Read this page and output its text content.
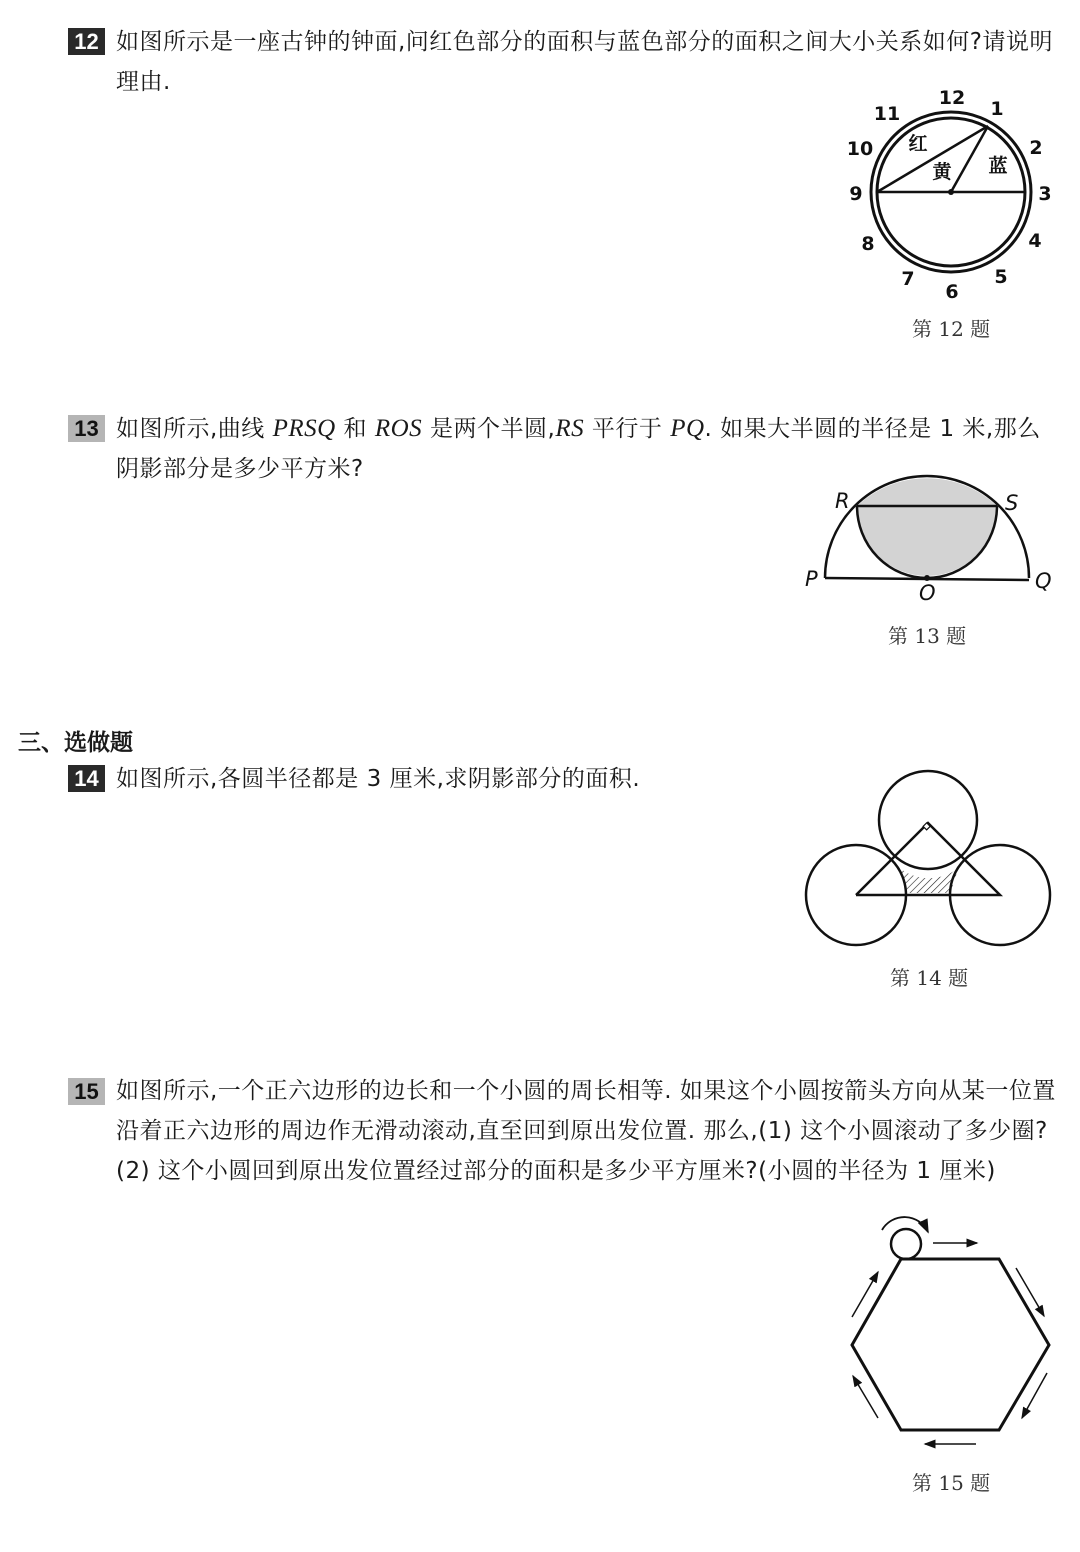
12 如图所示是一座古钟的钟面,问红色部分的面积与蓝色部分的面积之间大小关系如何?请说明理由.
12 1
2
3
4
5
6
7
8
9
10
11
红
黄 蓝
第 12 题
13 如图所示,曲线 PRSQ 和 ROS 是两个半圆,RS 平行于 PQ. 如果大半圆的半径是 1 米,那么阴影部分是多少平方米?
R	S
P
O	Q
第 13 题
三、选做题
14 如图所示,各圆半径都是 3 厘米,求阴影部分的面积.
第 14 题
15 如图所示,一个正六边形的边长和一个小圆的周长相等. 如果这个小圆按箭头方向从某一位置沿着正六边形的周边作无滑动滚动,直至回到原出发位置. 那么,(1) 这个小圆滚动了多少圈?(2) 这个小圆回到原出发位置经过部分的面积是多少平方厘米?(小圆的半径为 1 厘米)
第 15 题
